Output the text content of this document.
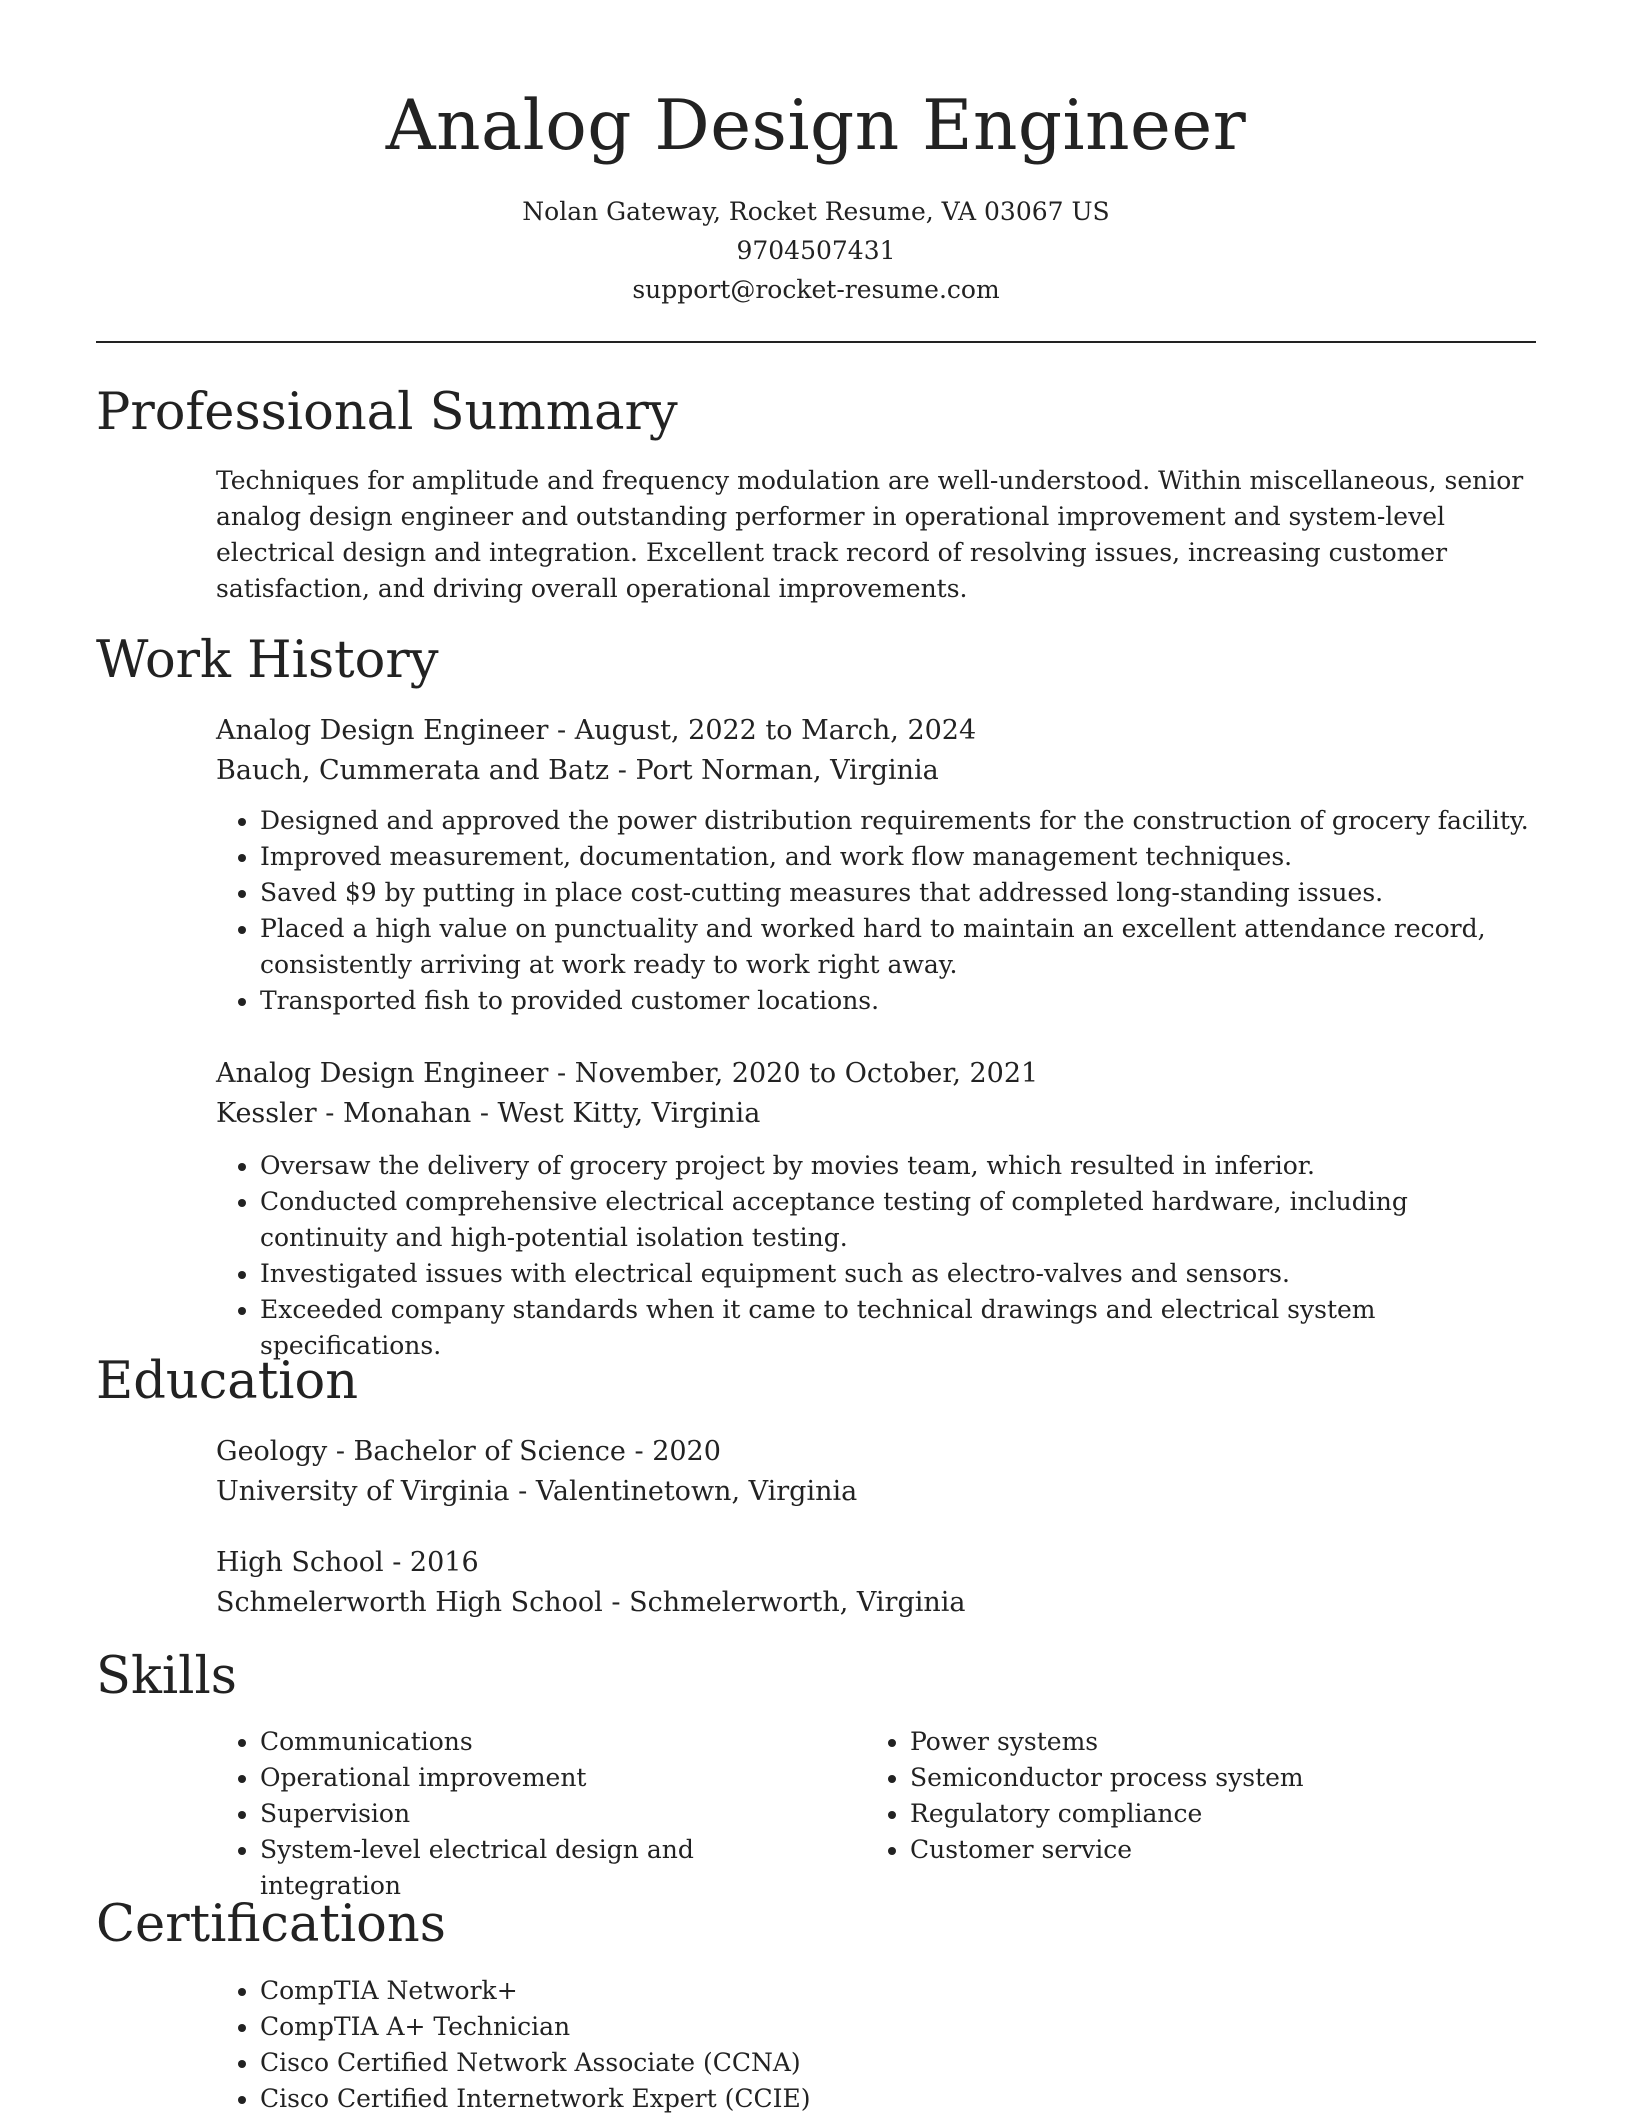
Analog Design Engineer
Nolan Gateway, Rocket Resume, VA 03067 US
9704507431
support@rocket-resume.com
Professional Summary

Techniques for amplitude and frequency modulation are well-understood. Within miscellaneous, senior analog design engineer and outstanding performer in operational improvement and system-level electrical design and integration. Excellent track record of resolving issues, increasing customer satisfaction, and driving overall operational improvements.

Work History
Analog Design Engineer - August, 2022 to March, 2024
Bauch, Cummerata and Batz - Port Norman, Virginia
• Designed and approved the power distribution requirements for the construction of grocery facility.
• Improved measurement, documentation, and work flow management techniques.
• Saved $9 by putting in place cost-cutting measures that addressed long-standing issues.
• Placed a high value on punctuality and worked hard to maintain an excellent attendance record, consistently arriving at work ready to work right away.
• Transported fish to provided customer locations.
Analog Design Engineer - November, 2020 to October, 2021
Kessler - Monahan - West Kitty, Virginia
• Oversaw the delivery of grocery project by movies team, which resulted in inferior.
• Conducted comprehensive electrical acceptance testing of completed hardware, including continuity and high-potential isolation testing.
• Investigated issues with electrical equipment such as electro-valves and sensors.
• Exceeded company standards when it came to technical drawings and electrical system specifications.
Education
Geology - Bachelor of Science - 2020
University of Virginia - Valentinetown, Virginia
High School - 2016
Schmelerworth High School - Schmelerworth, Virginia
Skills
• Communications
• Operational improvement
• Supervision
• System-level electrical design and integration
• Power systems
• Semiconductor process system
• Regulatory compliance
• Customer service
Certifications
• CompTIA Network+
• CompTIA A+ Technician
• Cisco Certified Network Associate (CCNA)
• Cisco Certified Internetwork Expert (CCIE)
